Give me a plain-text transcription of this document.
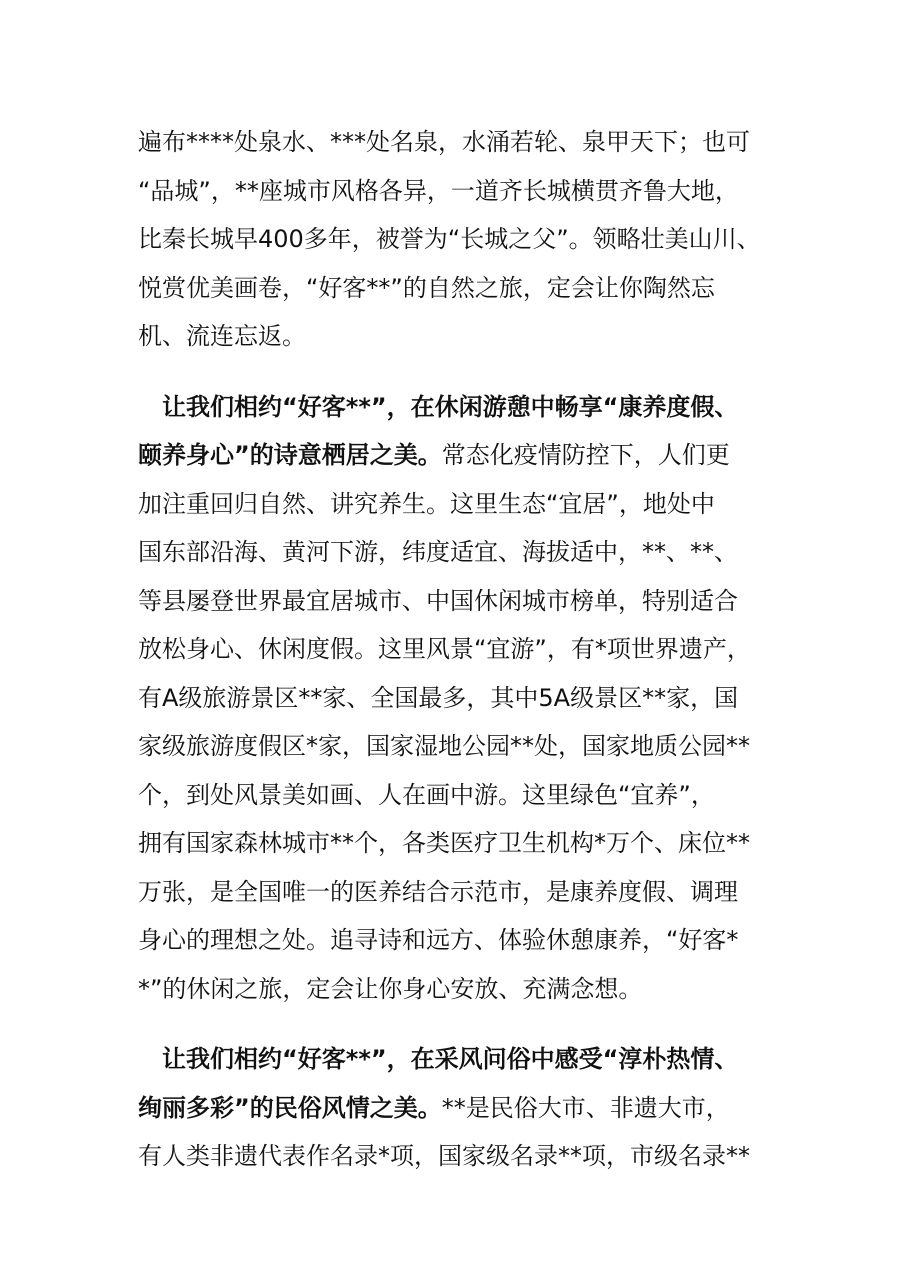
遍布****处泉水、***处名泉，水涌若轮、泉甲天下；也可
“品城”，**座城市风格各异，一道齐长城横贯齐鲁大地，
比秦长城早400多年，被誉为“长城之父”。领略壮美山川、
悦赏优美画卷，“好客**”的自然之旅，定会让你陶然忘
机、流连忘返。
让我们相约“好客**”，在休闲游憩中畅享“康养度假、
颐养身心”的诗意栖居之美。常态化疫情防控下，人们更
加注重回归自然、讲究养生。这里生态“宜居”，地处中
国东部沿海、黄河下游，纬度适宜、海拔适中，**、**、
等县屡登世界最宜居城市、中国休闲城市榜单，特别适合
放松身心、休闲度假。这里风景“宜游”，有*项世界遗产，
有A级旅游景区**家、全国最多，其中5A级景区**家，国
家级旅游度假区*家，国家湿地公园**处，国家地质公园**
个，到处风景美如画、人在画中游。这里绿色“宜养”，
拥有国家森林城市**个，各类医疗卫生机构*万个、床位**
万张，是全国唯一的医养结合示范市，是康养度假、调理
身心的理想之处。追寻诗和远方、体验休憩康养，“好客*
*”的休闲之旅，定会让你身心安放、充满念想。
让我们相约“好客**”，在采风问俗中感受“淳朴热情、
绚丽多彩”的民俗风情之美。**是民俗大市、非遗大市，
有人类非遗代表作名录*项，国家级名录**项，市级名录**
